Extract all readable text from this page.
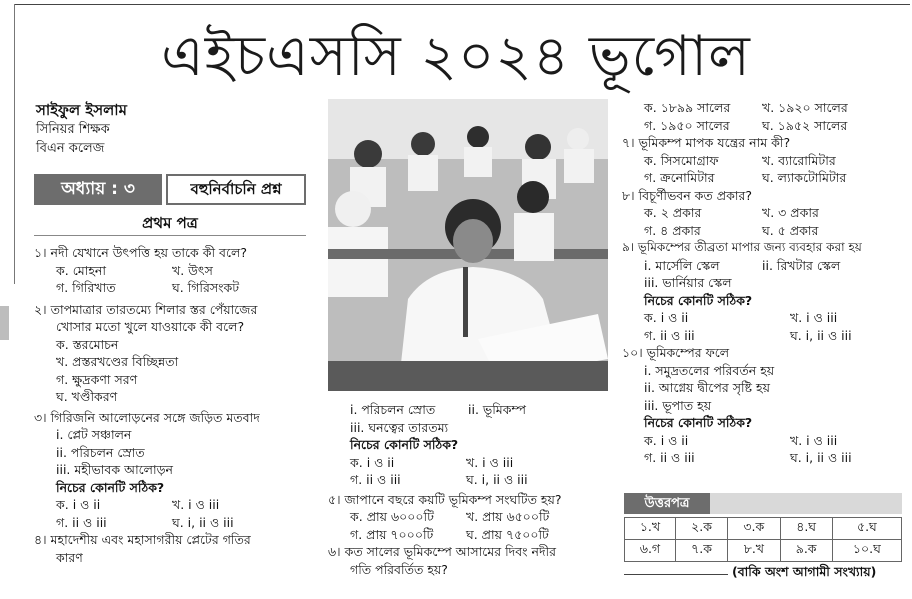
এইচএসসি ২০২৪ ভূগোল
সাইফুল ইসলাম
সিনিয়র শিক্ষক
বিএন কলেজ
অধ্যায় : ৩	বহুনির্বাচনি প্রশ্ন
প্রথম পত্র
১। নদী যেখানে উৎপত্তি হয় তাকে কী বলে?
ক. মোহনা	খ. উৎস
গ. গিরিখাত	ঘ. গিরিসংকট
২। তাপমাত্রার তারতম্যে শিলার স্তর পেঁয়াজের
খোসার মতো খুলে যাওয়াকে কী বলে?
ক. স্তরমোচন
খ. প্রস্তরখণ্ডের বিচ্ছিন্নতা
গ. ক্ষুদ্রকণা সরণ
ঘ. খণ্ডীকরণ
৩। গিরিজনি আলোড়নের সঙ্গে জড়িত মতবাদ
i. প্লেট সঞ্চালন
ii. পরিচলন স্রোত
iii. মহীভাবক আলোড়ন
নিচের কোনটি সঠিক?
ক. i ও ii	খ. i ও iii
গ. ii ও iii	ঘ. i, ii ও iii
৪। মহাদেশীয় এবং মহাসাগরীয় প্লেটের গতির
কারণ
i. পরিচলন স্রোত	ii. ভূমিকম্প
iii. ঘনত্বের তারতম্য
নিচের কোনটি সঠিক?
ক. i ও ii	খ. i ও iii
গ. ii ও iii	ঘ. i, ii ও iii
৫। জাপানে বছরে কয়টি ভূমিকম্প সংঘটিত হয়?
ক. প্রায় ৬০০০টি	খ. প্রায় ৬৫০০টি
গ. প্রায় ৭০০০টি	ঘ. প্রায় ৭৫০০টি
৬। কত সালের ভূমিকম্পে আসামের দিবং নদীর
গতি পরিবর্তিত হয়?
ক. ১৮৯৯ সালের	খ. ১৯২০ সালের
গ. ১৯৫০ সালের	ঘ. ১৯৫২ সালের
৭। ভূমিকম্প মাপক যন্ত্রের নাম কী?
ক. সিসমোগ্রাফ	খ. ব্যারোমিটার
গ. ক্রনোমিটার	ঘ. ল্যাকটোমিটার
৮। বিচূর্ণীভবন কত প্রকার?
ক. ২ প্রকার	খ. ৩ প্রকার
গ. ৪ প্রকার	ঘ. ৫ প্রকার
৯। ভূমিকম্পের তীব্রতা মাপার জন্য ব্যবহার করা হয়
i. মার্সেলি স্কেল	ii. রিখটার স্কেল
iii. ভার্নিয়ার স্কেল
নিচের কোনটি সঠিক?
ক. i ও ii	খ. i ও iii
গ. ii ও iii	ঘ. i, ii ও iii
১০। ভূমিকম্পের ফলে
i. সমুদ্রতলের পরিবর্তন হয়
ii. আগ্নেয় দ্বীপের সৃষ্টি হয়
iii. ভূপাত হয়
নিচের কোনটি সঠিক?
ক. i ও ii	খ. i ও iii
গ. ii ও iii	ঘ. i, ii ও iii
উত্তরপত্র
১.খ	২.ক	৩.ক	৪.ঘ	৫.ঘ
৬.গ	৭.ক	৮.খ	৯.ক	১০.ঘ
(বাকি অংশ আগামী সংখ্যায়)
